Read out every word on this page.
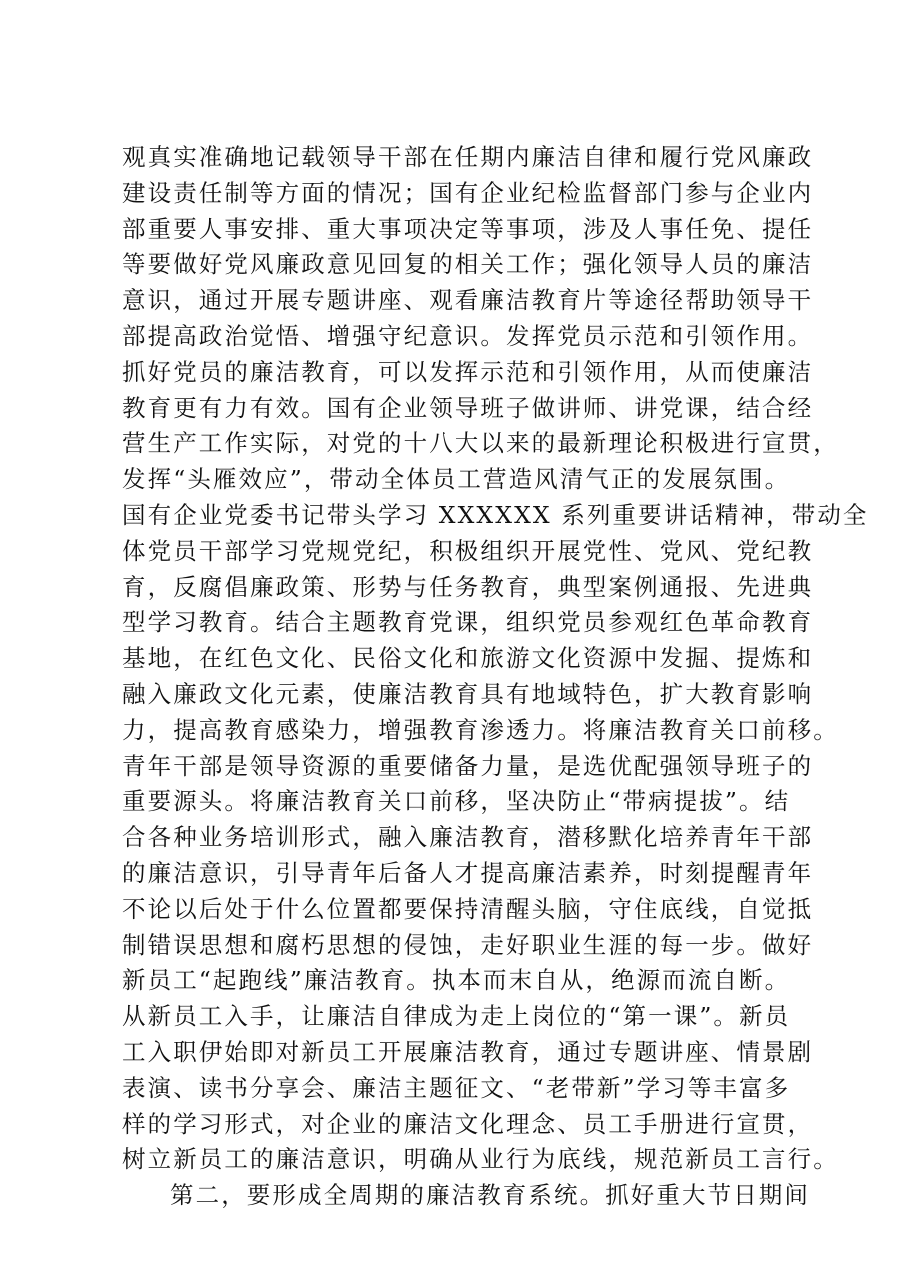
观真实准确地记载领导干部在任期内廉洁自律和履行党风廉政
建设责任制等方面的情况；国有企业纪检监督部门参与企业内
部重要人事安排、重大事项决定等事项，涉及人事任免、提任
等要做好党风廉政意见回复的相关工作；强化领导人员的廉洁
意识，通过开展专题讲座、观看廉洁教育片等途径帮助领导干
部提高政治觉悟、增强守纪意识。发挥党员示范和引领作用。
抓好党员的廉洁教育，可以发挥示范和引领作用，从而使廉洁
教育更有力有效。国有企业领导班子做讲师、讲党课，结合经
营生产工作实际，对党的十八大以来的最新理论积极进行宣贯，
发挥“头雁效应”，带动全体员工营造风清气正的发展氛围。
国有企业党委书记带头学习 XXXXXX 系列重要讲话精神，带动全
体党员干部学习党规党纪，积极组织开展党性、党风、党纪教
育，反腐倡廉政策、形势与任务教育，典型案例通报、先进典
型学习教育。结合主题教育党课，组织党员参观红色革命教育
基地，在红色文化、民俗文化和旅游文化资源中发掘、提炼和
融入廉政文化元素，使廉洁教育具有地域特色，扩大教育影响
力，提高教育感染力，增强教育渗透力。将廉洁教育关口前移。
青年干部是领导资源的重要储备力量，是选优配强领导班子的
重要源头。将廉洁教育关口前移，坚决防止“带病提拔”。结
合各种业务培训形式，融入廉洁教育，潜移默化培养青年干部
的廉洁意识，引导青年后备人才提高廉洁素养，时刻提醒青年
不论以后处于什么位置都要保持清醒头脑，守住底线，自觉抵
制错误思想和腐朽思想的侵蚀，走好职业生涯的每一步。做好
新员工“起跑线”廉洁教育。执本而末自从，绝源而流自断。
从新员工入手，让廉洁自律成为走上岗位的“第一课”。新员
工入职伊始即对新员工开展廉洁教育，通过专题讲座、情景剧
表演、读书分享会、廉洁主题征文、“老带新”学习等丰富多
样的学习形式，对企业的廉洁文化理念、员工手册进行宣贯，
树立新员工的廉洁意识，明确从业行为底线，规范新员工言行。
第二，要形成全周期的廉洁教育系统。抓好重大节日期间
